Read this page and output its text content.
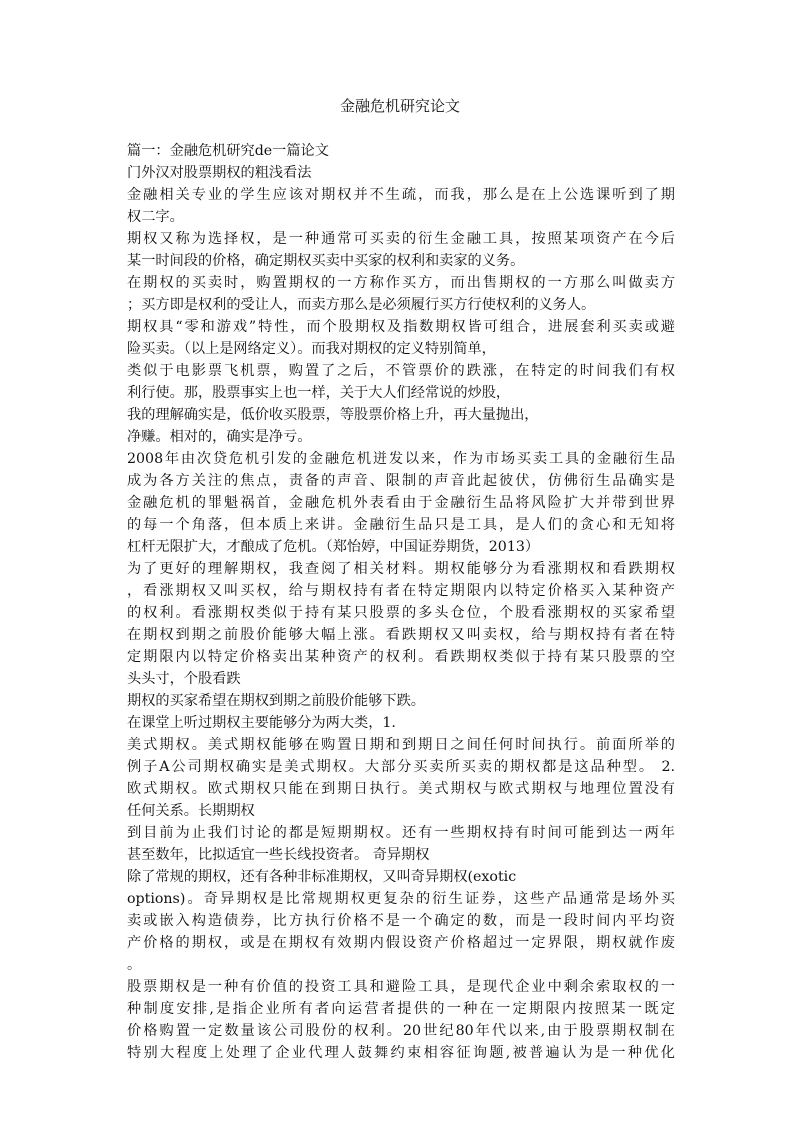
金融危机研究论文
篇一：金融危机研究de一篇论文
门外汉对股票期权的粗浅看法
金融相关专业的学生应该对期权并不生疏，而我，那么是在上公选课听到了期
权二字。
期权又称为选择权，是一种通常可买卖的衍生金融工具，按照某项资产在今后
某一时间段的价格，确定期权买卖中买家的权利和卖家的义务。
在期权的买卖时，购置期权的一方称作买方，而出售期权的一方那么叫做卖方
；买方即是权利的受让人，而卖方那么是必须履行买方行使权利的义务人。
期权具“零和游戏”特性，而个股期权及指数期权皆可组合，进展套利买卖或避
险买卖。（以上是网络定义）。而我对期权的定义特别简单，
类似于电影票飞机票，购置了之后，不管票价的跌涨，在特定的时间我们有权
利行使。那，股票事实上也一样，关于大人们经常说的炒股，
我的理解确实是，低价收买股票，等股票价格上升，再大量抛出，
净赚。相对的，确实是净亏。
2008年由次贷危机引发的金融危机迸发以来，作为市场买卖工具的金融衍生品
成为各方关注的焦点，责备的声音、限制的声音此起彼伏，仿佛衍生品确实是
金融危机的罪魁祸首，金融危机外表看由于金融衍生品将风险扩大并带到世界
的每一个角落，但本质上来讲。金融衍生品只是工具，是人们的贪心和无知将
杠杆无限扩大，才酿成了危机。（郑怡婷，中国证券期货，2013）
为了更好的理解期权，我查阅了相关材料。期权能够分为看涨期权和看跌期权
，看涨期权又叫买权，给与期权持有者在特定期限内以特定价格买入某种资产
的权利。看涨期权类似于持有某只股票的多头仓位，个股看涨期权的买家希望
在期权到期之前股价能够大幅上涨。看跌期权又叫卖权，给与期权持有者在特
定期限内以特定价格卖出某种资产的权利。看跌期权类似于持有某只股票的空
头头寸，个股看跌
期权的买家希望在期权到期之前股价能够下跌。
在课堂上听过期权主要能够分为两大类，1.
美式期权。美式期权能够在购置日期和到期日之间任何时间执行。前面所举的
例子A公司期权确实是美式期权。大部分买卖所买卖的期权都是这品种型。 2.
欧式期权。欧式期权只能在到期日执行。美式期权与欧式期权与地理位置没有
任何关系。长期期权
到目前为止我们讨论的都是短期期权。还有一些期权持有时间可能到达一两年
甚至数年，比拟适宜一些长线投资者。 奇异期权
除了常规的期权，还有各种非标准期权，又叫奇异期权(exotic
options)。奇异期权是比常规期权更复杂的衍生证券，这些产品通常是场外买
卖或嵌入构造债券，比方执行价格不是一个确定的数，而是一段时间内平均资
产价格的期权，或是在期权有效期内假设资产价格超过一定界限，期权就作废
。
股票期权是一种有价值的投资工具和避险工具，是现代企业中剩余索取权的一
种制度安排,是指企业所有者向运营者提供的一种在一定期限内按照某一既定
价格购置一定数量该公司股份的权利。20世纪80年代以来,由于股票期权制在
特别大程度上处理了企业代理人鼓舞约束相容征询题,被普遍认为是一种优化
